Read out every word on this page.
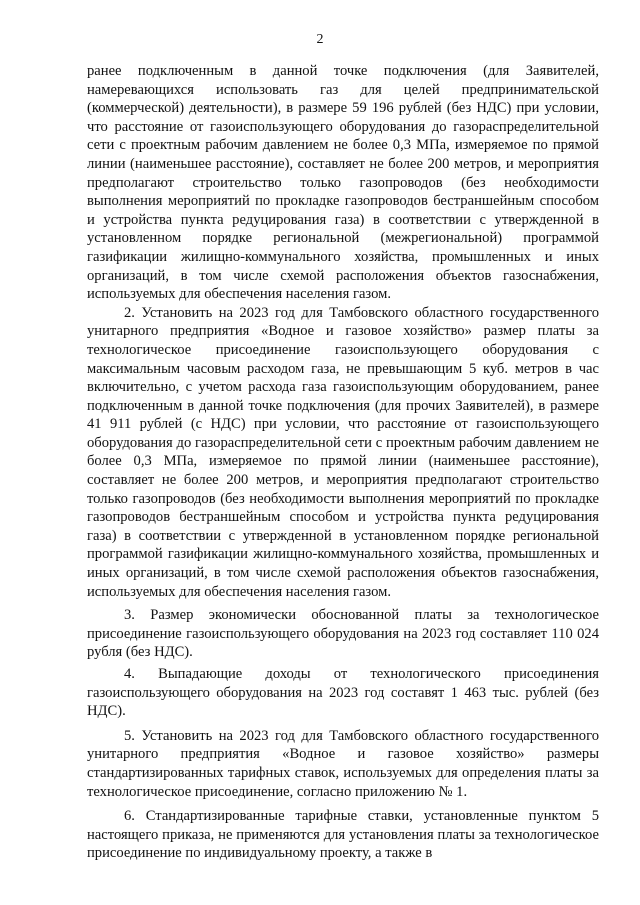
2

ранее подключенным в данной точке подключения (для Заявителей, намеревающихся использовать газ для целей предпринимательской (коммерческой) деятельности), в размере 59 196 рублей (без НДС) при условии, что расстояние от газоиспользующего оборудования до газораспределительной сети с проектным рабочим давлением не более 0,3 МПа, измеряемое по прямой линии (наименьшее расстояние), составляет не более 200 метров, и мероприятия предполагают строительство только газопроводов (без необходимости выполнения мероприятий по прокладке газопроводов бестраншейным способом и устройства пункта редуцирования газа) в соответствии с утвержденной в установленном порядке региональной (межрегиональной) программой газификации жилищно-коммунального хозяйства, промышленных и иных организаций, в том числе схемой расположения объектов газоснабжения, используемых для обеспечения населения газом.

2. Установить на 2023 год для Тамбовского областного государственного унитарного предприятия «Водное и газовое хозяйство» размер платы за технологическое присоединение газоиспользующего оборудования с максимальным часовым расходом газа, не превышающим 5 куб. метров в час включительно, с учетом расхода газа газоиспользующим оборудованием, ранее подключенным в данной точке подключения (для прочих Заявителей), в размере 41 911 рублей (с НДС) при условии, что расстояние от газоиспользующего оборудования до газораспределительной сети с проектным рабочим давлением не более 0,3 МПа, измеряемое по прямой линии (наименьшее расстояние), составляет не более 200 метров, и мероприятия предполагают строительство только газопроводов (без необходимости выполнения мероприятий по прокладке газопроводов бестраншейным способом и устройства пункта редуцирования газа) в соответствии с утвержденной в установленном порядке региональной программой газификации жилищно-коммунального хозяйства, промышленных и иных организаций, в том числе схемой расположения объектов газоснабжения, используемых для обеспечения населения газом.

3. Размер экономически обоснованной платы за технологическое присоединение газоиспользующего оборудования на 2023 год составляет 110 024 рубля (без НДС).

4. Выпадающие доходы от технологического присоединения газоиспользующего оборудования на 2023 год составят 1 463 тыс. рублей (без НДС).

5. Установить на 2023 год для Тамбовского областного государственного унитарного предприятия «Водное и газовое хозяйство» размеры стандартизированных тарифных ставок, используемых для определения платы за технологическое присоединение, согласно приложению № 1.

6. Стандартизированные тарифные ставки, установленные пунктом 5 настоящего приказа, не применяются для установления платы за технологическое присоединение по индивидуальному проекту, а также в
